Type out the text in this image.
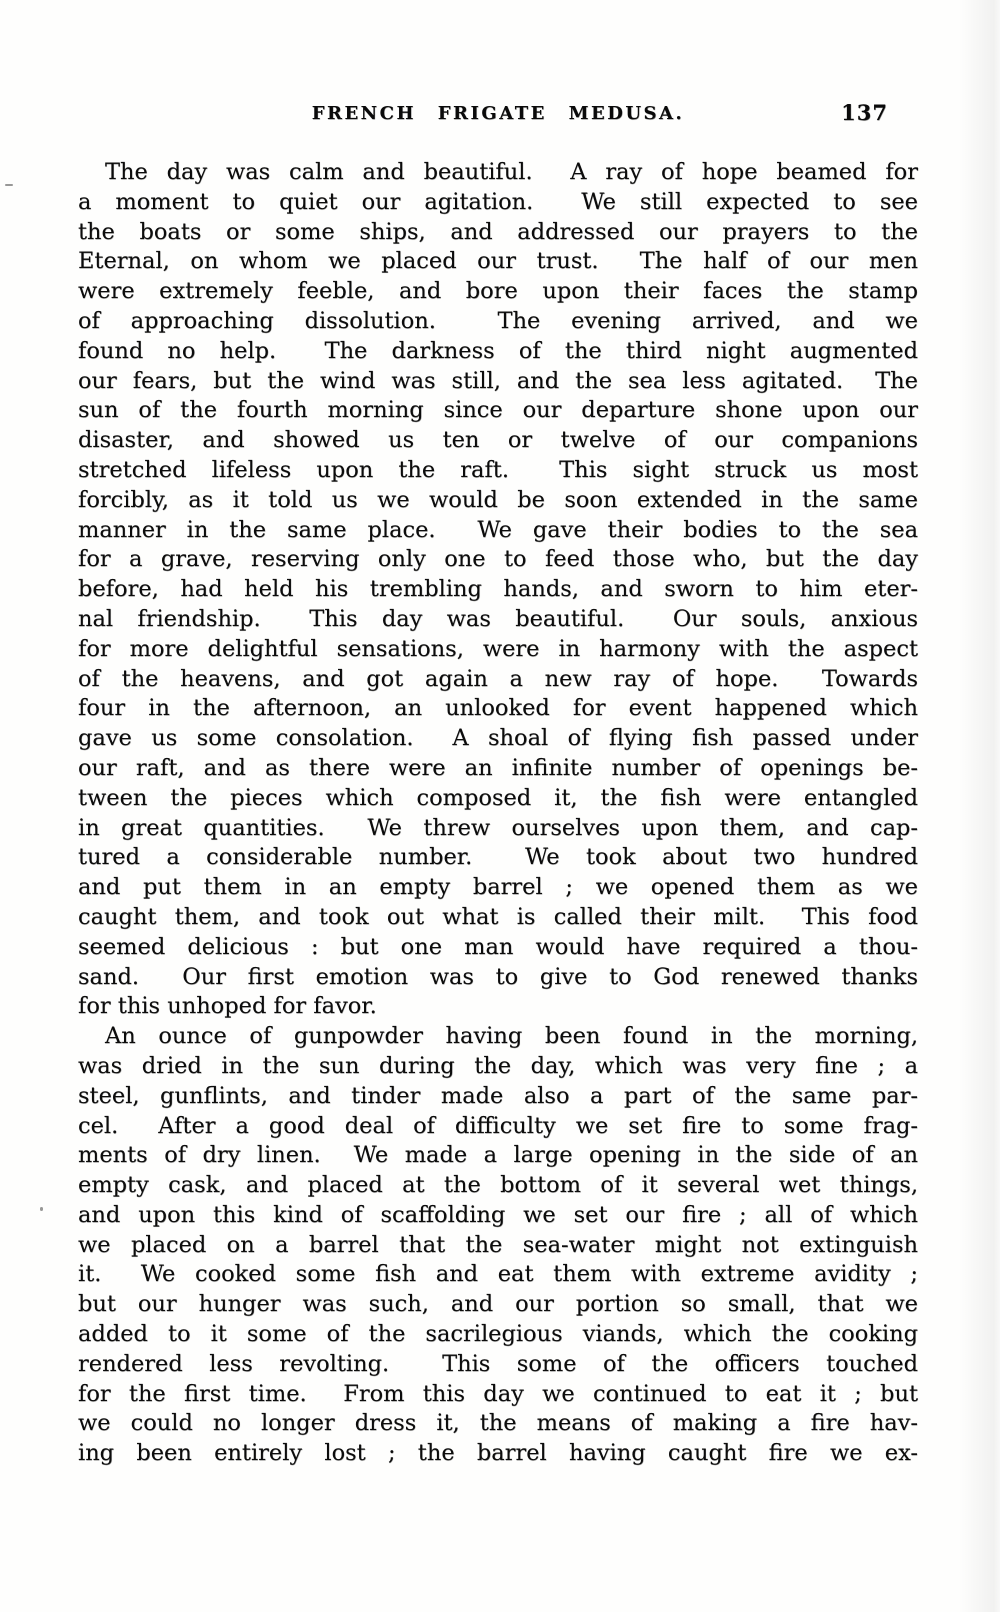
FRENCH FRIGATE MEDUSA.	137
The day was calm and beautiful.  A ray of hope beamed for
a moment to quiet our agitation.  We still expected to see
the boats or some ships, and addressed our prayers to the
Eternal, on whom we placed our trust.  The half of our men
were extremely feeble, and bore upon their faces the stamp
of approaching dissolution.  The evening arrived, and we
found no help.  The darkness of the third night augmented
our fears, but the wind was still, and the sea less agitated.  The
sun of the fourth morning since our departure shone upon our
disaster, and showed us ten or twelve of our companions
stretched lifeless upon the raft.  This sight struck us most
forcibly, as it told us we would be soon extended in the same
manner in the same place.  We gave their bodies to the sea
for a grave, reserving only one to feed those who, but the day
before, had held his trembling hands, and sworn to him eter-
nal friendship.  This day was beautiful.  Our souls, anxious
for more delightful sensations, were in harmony with the aspect
of the heavens, and got again a new ray of hope.  Towards
four in the afternoon, an unlooked for event happened which
gave us some consolation.  A shoal of flying fish passed under
our raft, and as there were an infinite number of openings be-
tween the pieces which composed it, the fish were entangled
in great quantities.  We threw ourselves upon them, and cap-
tured a considerable number.  We took about two hundred
and put them in an empty barrel ; we opened them as we
caught them, and took out what is called their milt.  This food
seemed delicious : but one man would have required a thou-
sand.  Our first emotion was to give to God renewed thanks
for this unhoped for favor.
An ounce of gunpowder having been found in the morning,
was dried in the sun during the day, which was very fine ; a
steel, gunflints, and tinder made also a part of the same par-
cel.  After a good deal of difficulty we set fire to some frag-
ments of dry linen.  We made a large opening in the side of an
empty cask, and placed at the bottom of it several wet things,
and upon this kind of scaffolding we set our fire ; all of which
we placed on a barrel that the sea-water might not extinguish
it.  We cooked some fish and eat them with extreme avidity ;
but our hunger was such, and our portion so small, that we
added to it some of the sacrilegious viands, which the cooking
rendered less revolting.  This some of the officers touched
for the first time.  From this day we continued to eat it ; but
we could no longer dress it, the means of making a fire hav-
ing been entirely lost ; the barrel having caught fire we ex-
